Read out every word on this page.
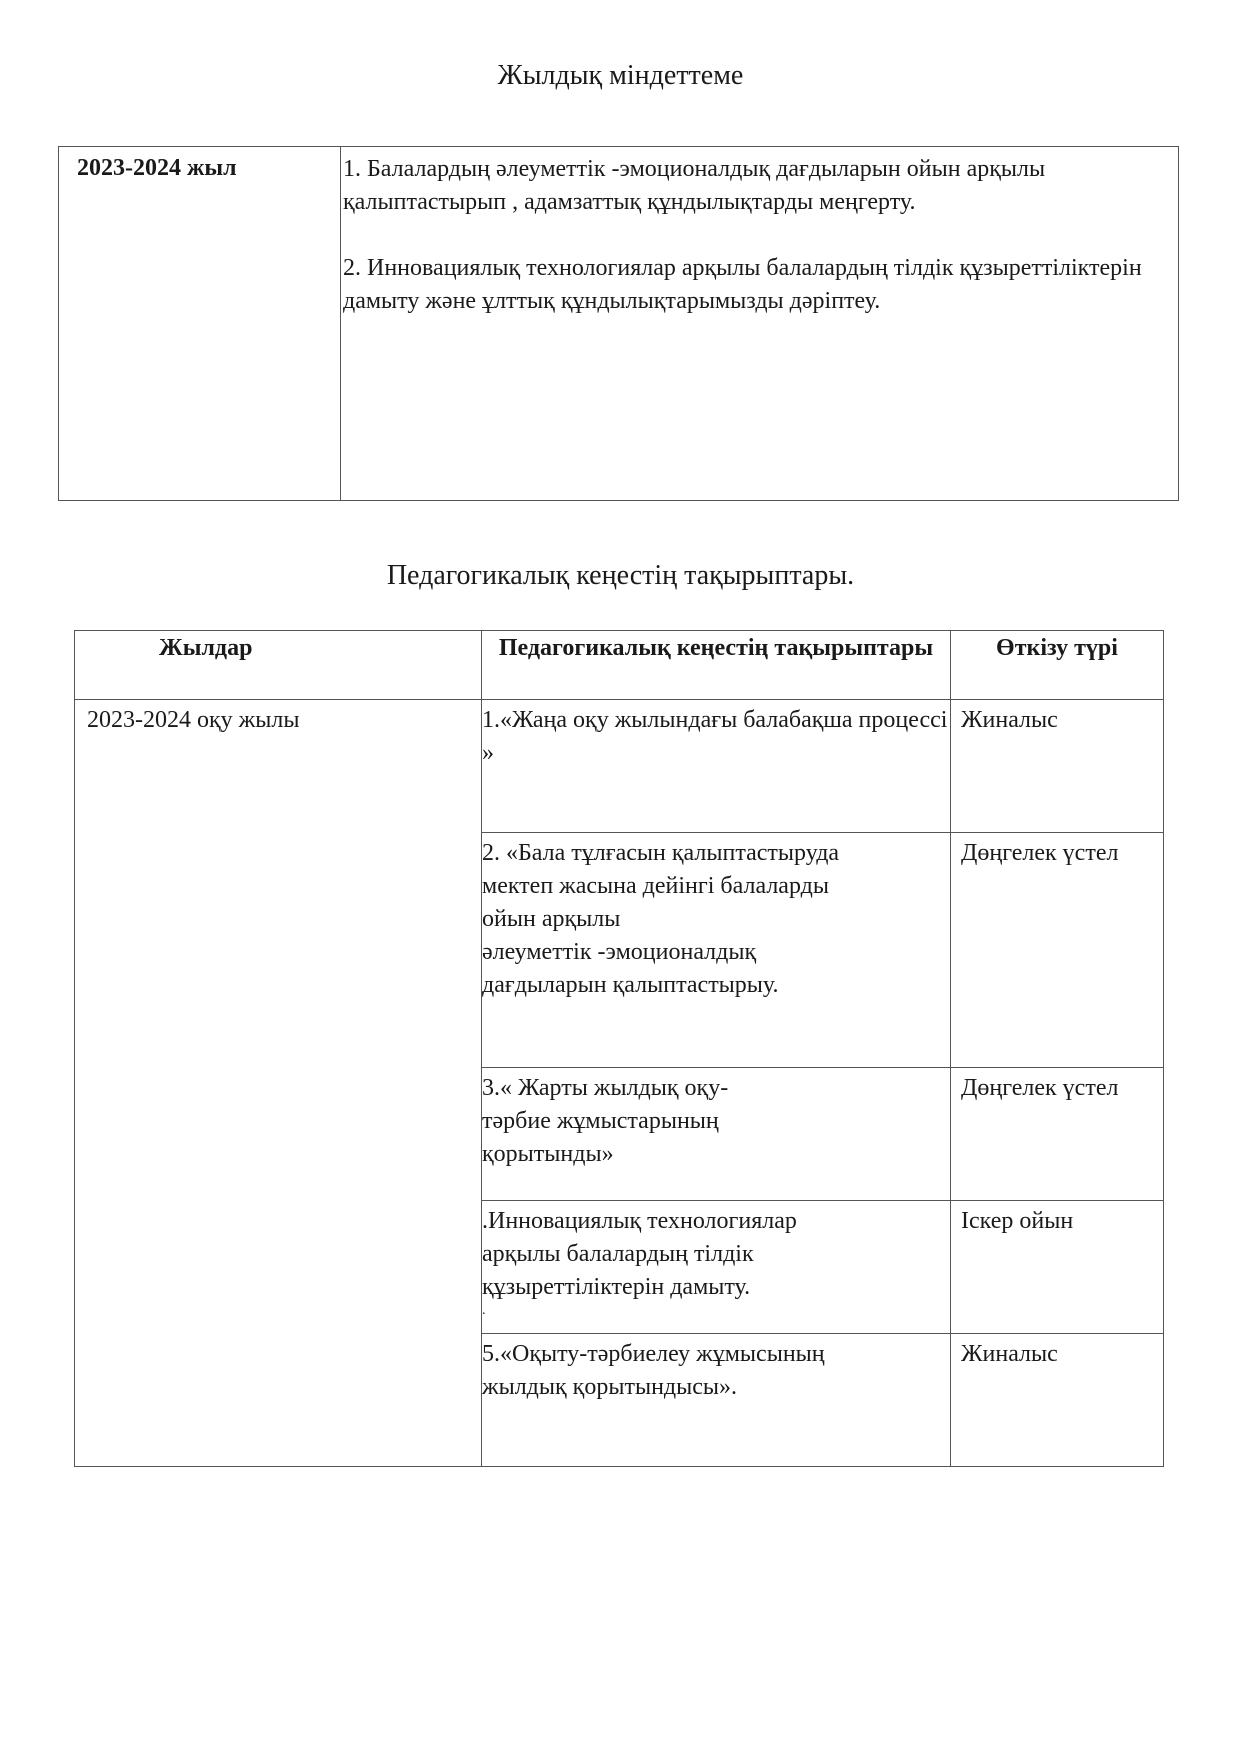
Жылдық міндеттеме
2023-2024 жыл	1. Балалардың әлеуметтік -эмоционалдық дағдыларын ойын арқылы қалыптастырып , адамзаттық құндылықтарды меңгерту.

2. Инновациялық технологиялар арқылы балалардың тілдік құзыреттіліктерін дамыту және ұлттық құндылықтарымызды дәріптеу.

Педагогикалық кеңестің тақырыптары.
Жылдар	Педагогикалық кеңестің тақырыптары	Өткізу түрі
2023-2024 оқу жылы	1.«Жаңа оқу жылындағы балабақша процессі »	Жиналыс
	2. «Бала тұлғасын қалыптастыруда
мектеп жасына дейінгі балаларды
ойын арқылы
әлеуметтік -эмоционалдық
дағдыларын қалыптастырыу.	Дөңгелек үстел
	3.« Жарты жылдық оқу-
тәрбие жұмыстарының
қорытынды»	Дөңгелек үстел
	.Инновациялық технологиялар
арқылы балалардың тілдік
құзыреттіліктерін дамыту.
.	Іскер ойын
	5.«Оқыту-тәрбиелеу жұмысының
жылдық қорытындысы».	Жиналыс
